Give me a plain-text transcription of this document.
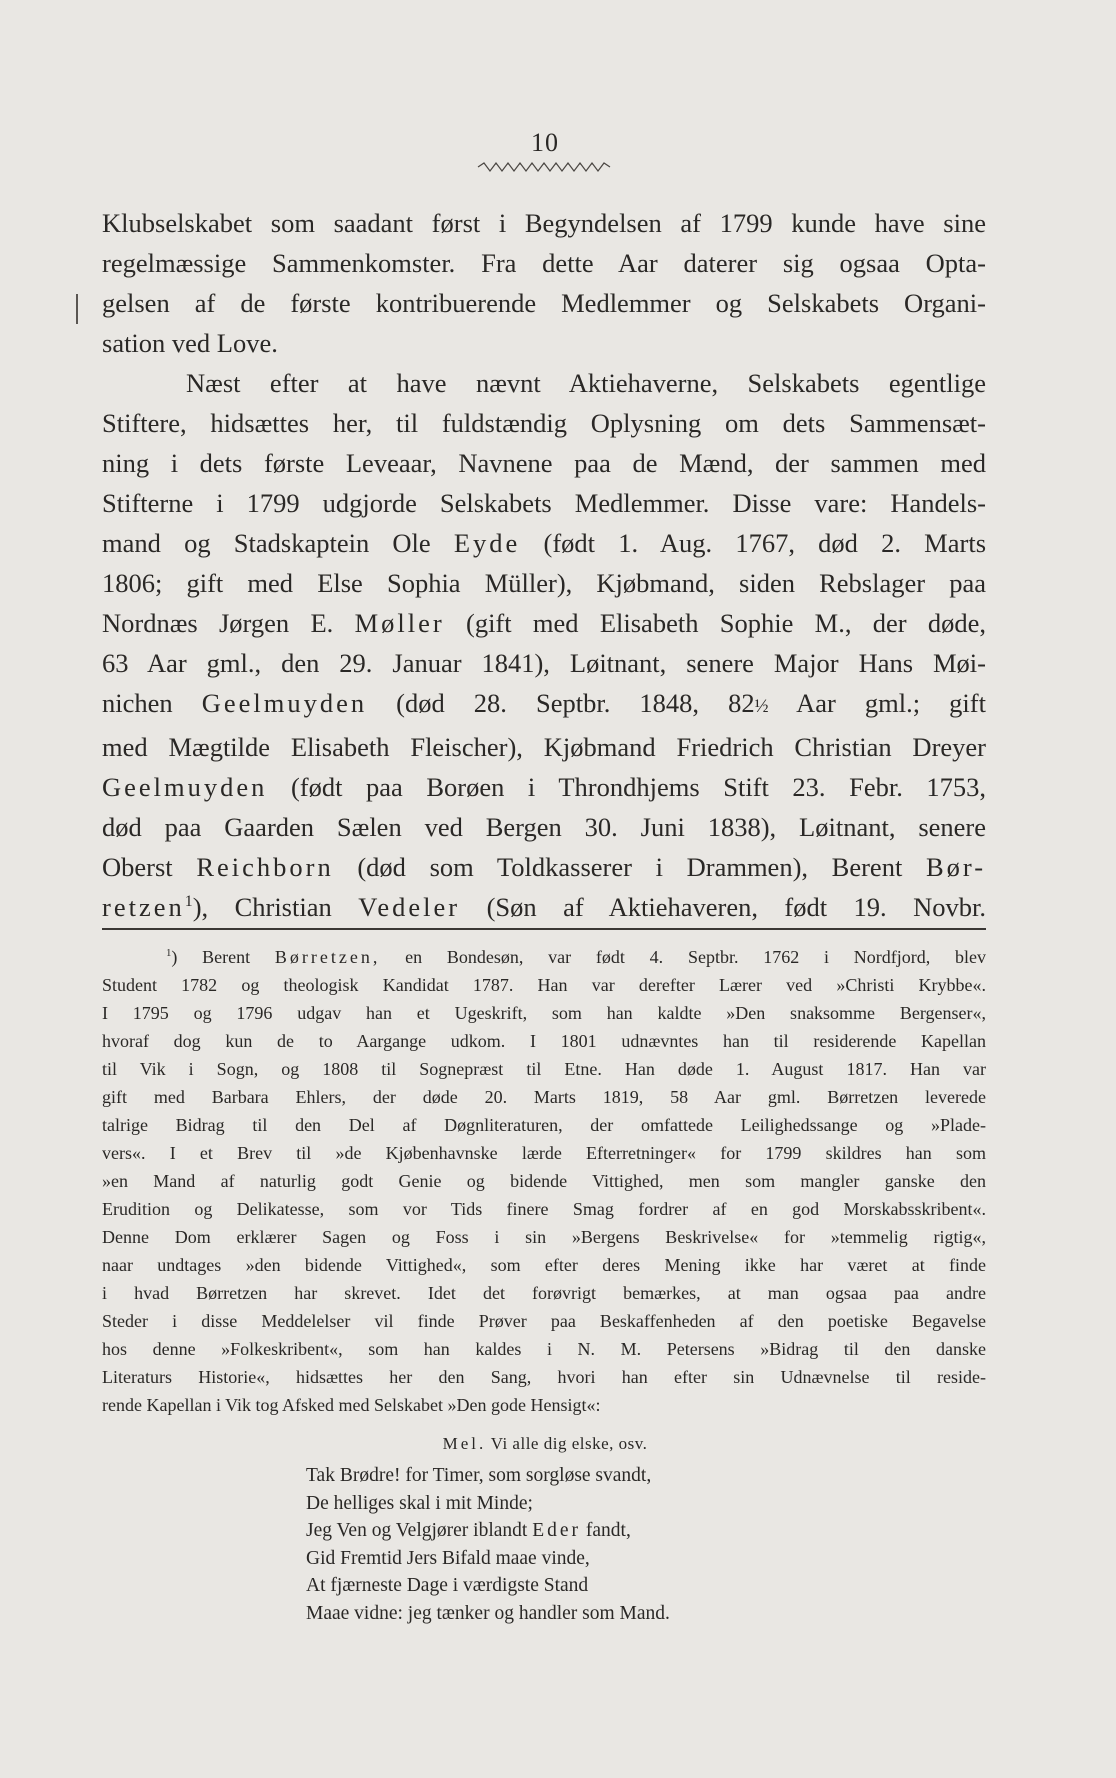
10

Klubselskabet som saadant først i Begyndelsen af 1799 kunde have sine
regelmæssige Sammenkomster. Fra dette Aar daterer sig ogsaa Opta-
gelsen af de første kontribuerende Medlemmer og Selskabets Organi-
sation ved Love.

Næst efter at have nævnt Aktiehaverne, Selskabets egentlige
Stiftere, hidsættes her, til fuldstændig Oplysning om dets Sammensæt-
ning i dets første Leveaar, Navnene paa de Mænd, der sammen med
Stifterne i 1799 udgjorde Selskabets Medlemmer. Disse vare: Handels-
mand og Stadskaptein Ole Eyde (født 1. Aug. 1767, død 2. Marts
1806; gift med Else Sophia Müller), Kjøbmand, siden Rebslager paa
Nordnæs Jørgen E. Møller (gift med Elisabeth Sophie M., der døde,
63 Aar gml., den 29. Januar 1841), Løitnant, senere Major Hans Møi-
nichen Geelmuyden (død 28. Septbr. 1848, 82½ Aar gml.; gift
med Mægtilde Elisabeth Fleischer), Kjøbmand Friedrich Christian Dreyer
Geelmuyden (født paa Borøen i Throndhjems Stift 23. Febr. 1753,
død paa Gaarden Sælen ved Bergen 30. Juni 1838), Løitnant, senere
Oberst Reichborn (død som Toldkasserer i Drammen), Berent Bør-
retzen$^1$), Christian Vedeler (Søn af Aktiehaveren, født 19. Novbr.

$^1$) Berent Børretzen, en Bondesøn, var født 4. Septbr. 1762 i Nordfjord, blev
Student 1782 og theologisk Kandidat 1787. Han var derefter Lærer ved »Christi Krybbe«.
I 1795 og 1796 udgav han et Ugeskrift, som han kaldte »Den snaksomme Bergenser«,
hvoraf dog kun de to Aargange udkom. I 1801 udnævntes han til residerende Kapellan
til Vik i Sogn, og 1808 til Sognepræst til Etne. Han døde 1. August 1817. Han var
gift med Barbara Ehlers, der døde 20. Marts 1819, 58 Aar gml. Børretzen leverede
talrige Bidrag til den Del af Døgnliteraturen, der omfattede Leilighedssange og »Plade-
vers«. I et Brev til »de Kjøbenhavnske lærde Efterretninger« for 1799 skildres han som
»en Mand af naturlig godt Genie og bidende Vittighed, men som mangler ganske den
Erudition og Delikatesse, som vor Tids finere Smag fordrer af en god Morskabsskribent«.
Denne Dom erklærer Sagen og Foss i sin »Bergens Beskrivelse« for »temmelig rigtig«,
naar undtages »den bidende Vittighed«, som efter deres Mening ikke har været at finde
i hvad Børretzen har skrevet. Idet det forøvrigt bemærkes, at man ogsaa paa andre
Steder i disse Meddelelser vil finde Prøver paa Beskaffenheden af den poetiske Begavelse
hos denne »Folkeskribent«, som han kaldes i N. M. Petersens »Bidrag til den danske
Literaturs Historie«, hidsættes her den Sang, hvori han efter sin Udnævnelse til reside-
rende Kapellan i Vik tog Afsked med Selskabet »Den gode Hensigt«:
Mel. Vi alle dig elske, osv.
Tak Brødre! for Timer, som sorgløse svandt,
De helliges skal i mit Minde;
Jeg Ven og Velgjører iblandt Eder fandt,
Gid Fremtid Jers Bifald maae vinde,
At fjærneste Dage i værdigste Stand
Maae vidne: jeg tænker og handler som Mand.
